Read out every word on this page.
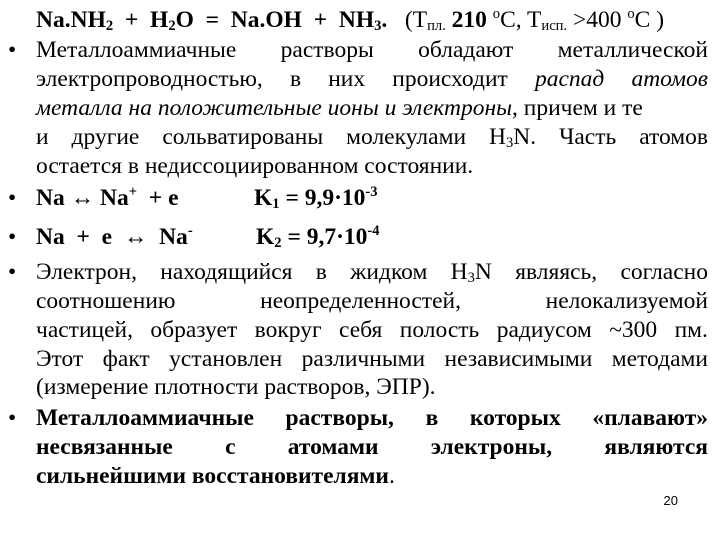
$Na.NH_2 + H_2O = Na.OH + NH_3$. ($T_{пл.}$ 210 $^o$C, $T_{исп.} >400$ $^o$C )
• Металлоаммиачные растворы обладают металлической
электропроводностью, в них происходит распад атомов
металла на положительные ионы и электроны, причем и те
и другие сольватированы молекулами $H_3N$. Часть атомов
остается в недиссоциированном состоянии.
• Na ↔ Na+ + e	$K_1 = 9,9\cdot 10^{-3}$
• Na + e ↔ Na-	$K_2 = 9,7\cdot 10^{-4}$
• Электрон, находящийся в жидком $H_3N$ являясь, согласно
соотношению	неопределенностей,	нелокализуемой
частицей, образует вокруг себя полость радиусом ~300 пм.
Этот факт установлен различными независимыми методами
(измерение плотности растворов, ЭПР).
• Металлоаммиачные растворы, в которых «плавают»
несвязанные с атомами электроны, являются
сильнейшими восстановителями.
20
